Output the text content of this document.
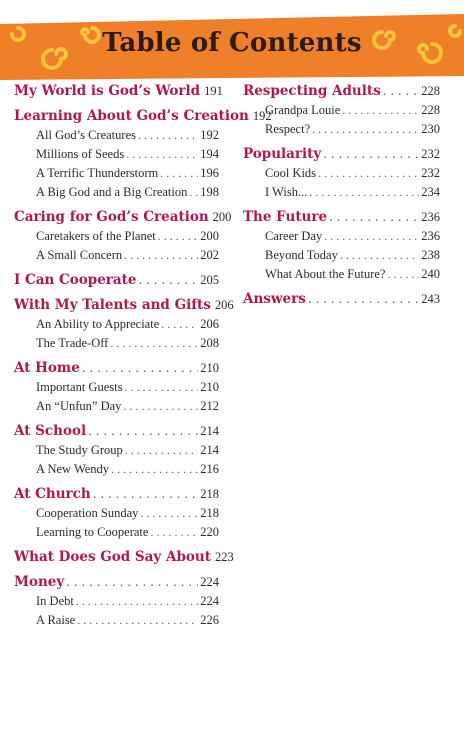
Table of Contents
My World is God’s World 191
Learning About God’s Creation 192
All God’s Creatures . . .	192
Millions of Seeds . . .	194
A Terrific Thunderstorm . . .	196
A Big God and a Big Creation . . . 198
Caring for God’s Creation 200
Caretakers of the Planet . . .	200
A Small Concern . . .	202
I Can Cooperate . . .	205
With My Talents and Gifts 206
An Ability to Appreciate . . .	206
The Trade-Off . . .	208
At Home . . .	210
Important Guests . . .	210
An “Unfun” Day . . .	212
At School . . .	214
The Study Group . . .	214
A New Wendy . . .	216
At Church . . .	218
Cooperation Sunday . . .	218
Learning to Cooperate . . .	220
What Does God Say About 223
Money . . .	224
In Debt . . .	224
A Raise . . .	226
Respecting Adults . . .	228
Grandpa Louie . . .	228
Respect? . . .	230
Popularity . . .	232
Cool Kids . . .	232
I Wish... . . .	234
The Future . . .	236
Career Day . . .	236
Beyond Today . . .	238
What About the Future? . . .	240
Answers . . .	243
